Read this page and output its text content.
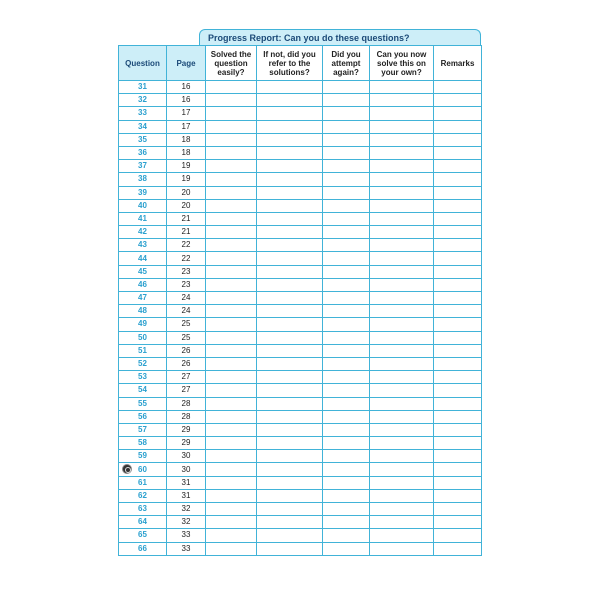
Progress Report: Can you do these questions?
Question	Page	Solved the question easily?	If not, did you refer to the solutions?	Did you attempt again?	Can you now solve this on your own?	Remarks
31	16					
32	16					
33	17					
34	17					
35	18					
36	18					
37	19					
38	19					
39	20					
40	20					
41	21					
42	21					
43	22					
44	22					
45	23					
46	23					
47	24					
48	24					
49	25					
50	25					
51	26					
52	26					
53	27					
54	27					
55	28					
56	28					
57	29					
58	29					
59	30					

60	30					
61	31					
62	31					
63	32					
64	32					
65	33					
66	33					
